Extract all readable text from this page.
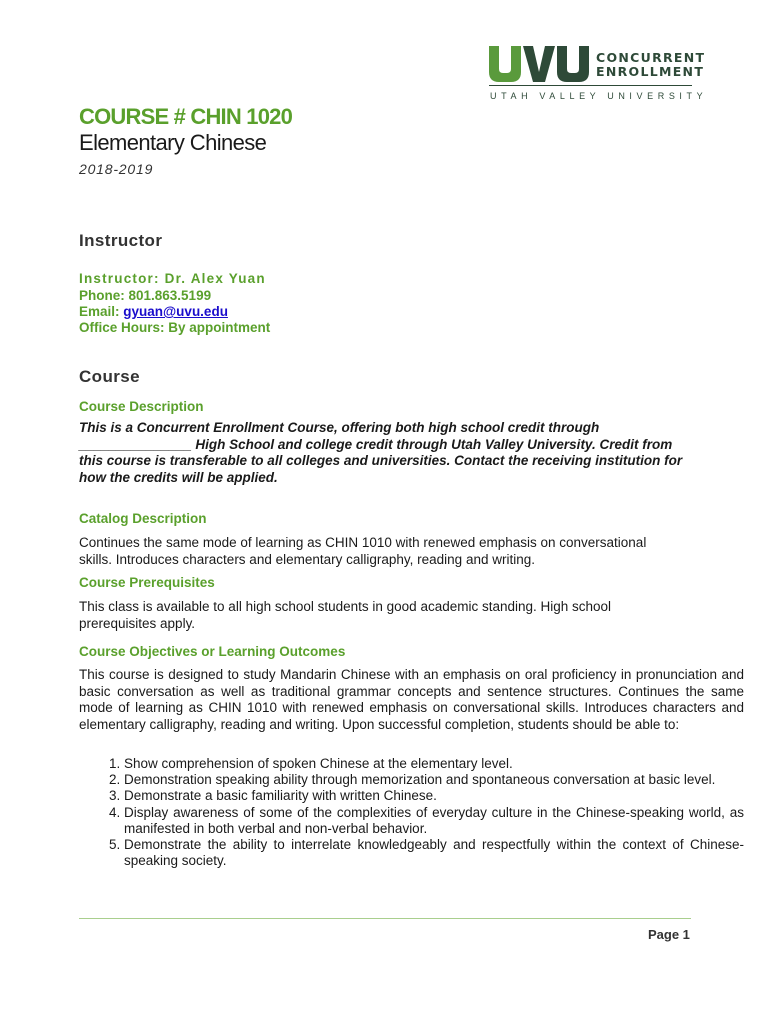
CONCURRENT
ENROLLMENT
UTAH VALLEY UNIVERSITY
COURSE # CHIN 1020
Elementary Chinese
2018-2019
Instructor
Instructor: Dr. Alex Yuan
Phone: 801.863.5199
Email: gyuan@uvu.edu
Office Hours: By appointment
Course
Course Description
This is a Concurrent Enrollment Course, offering both high school credit through _______________ High School and college credit through Utah Valley University. Credit from this course is transferable to all colleges and universities. Contact the receiving institution for how the credits will be applied.
Catalog Description
Continues the same mode of learning as CHIN 1010 with renewed emphasis on conversational skills. Introduces characters and elementary calligraphy, reading and writing.
Course Prerequisites
This class is available to all high school students in good academic standing. High school prerequisites apply.
Course Objectives or Learning Outcomes
This course is designed to study Mandarin Chinese with an emphasis on oral proficiency in pronunciation and basic conversation as well as traditional grammar concepts and sentence structures. Continues the same mode of learning as CHIN 1010 with renewed emphasis on conversational skills. Introduces characters and elementary calligraphy, reading and writing. Upon successful completion, students should be able to:
1. Show comprehension of spoken Chinese at the elementary level.
2. Demonstration speaking ability through memorization and spontaneous conversation at basic level.
3. Demonstrate a basic familiarity with written Chinese.
4. Display awareness of some of the complexities of everyday culture in the Chinese-speaking world, as manifested in both verbal and non-verbal behavior.
5. Demonstrate the ability to interrelate knowledgeably and respectfully within the context of Chinese-speaking society.
Page 1
